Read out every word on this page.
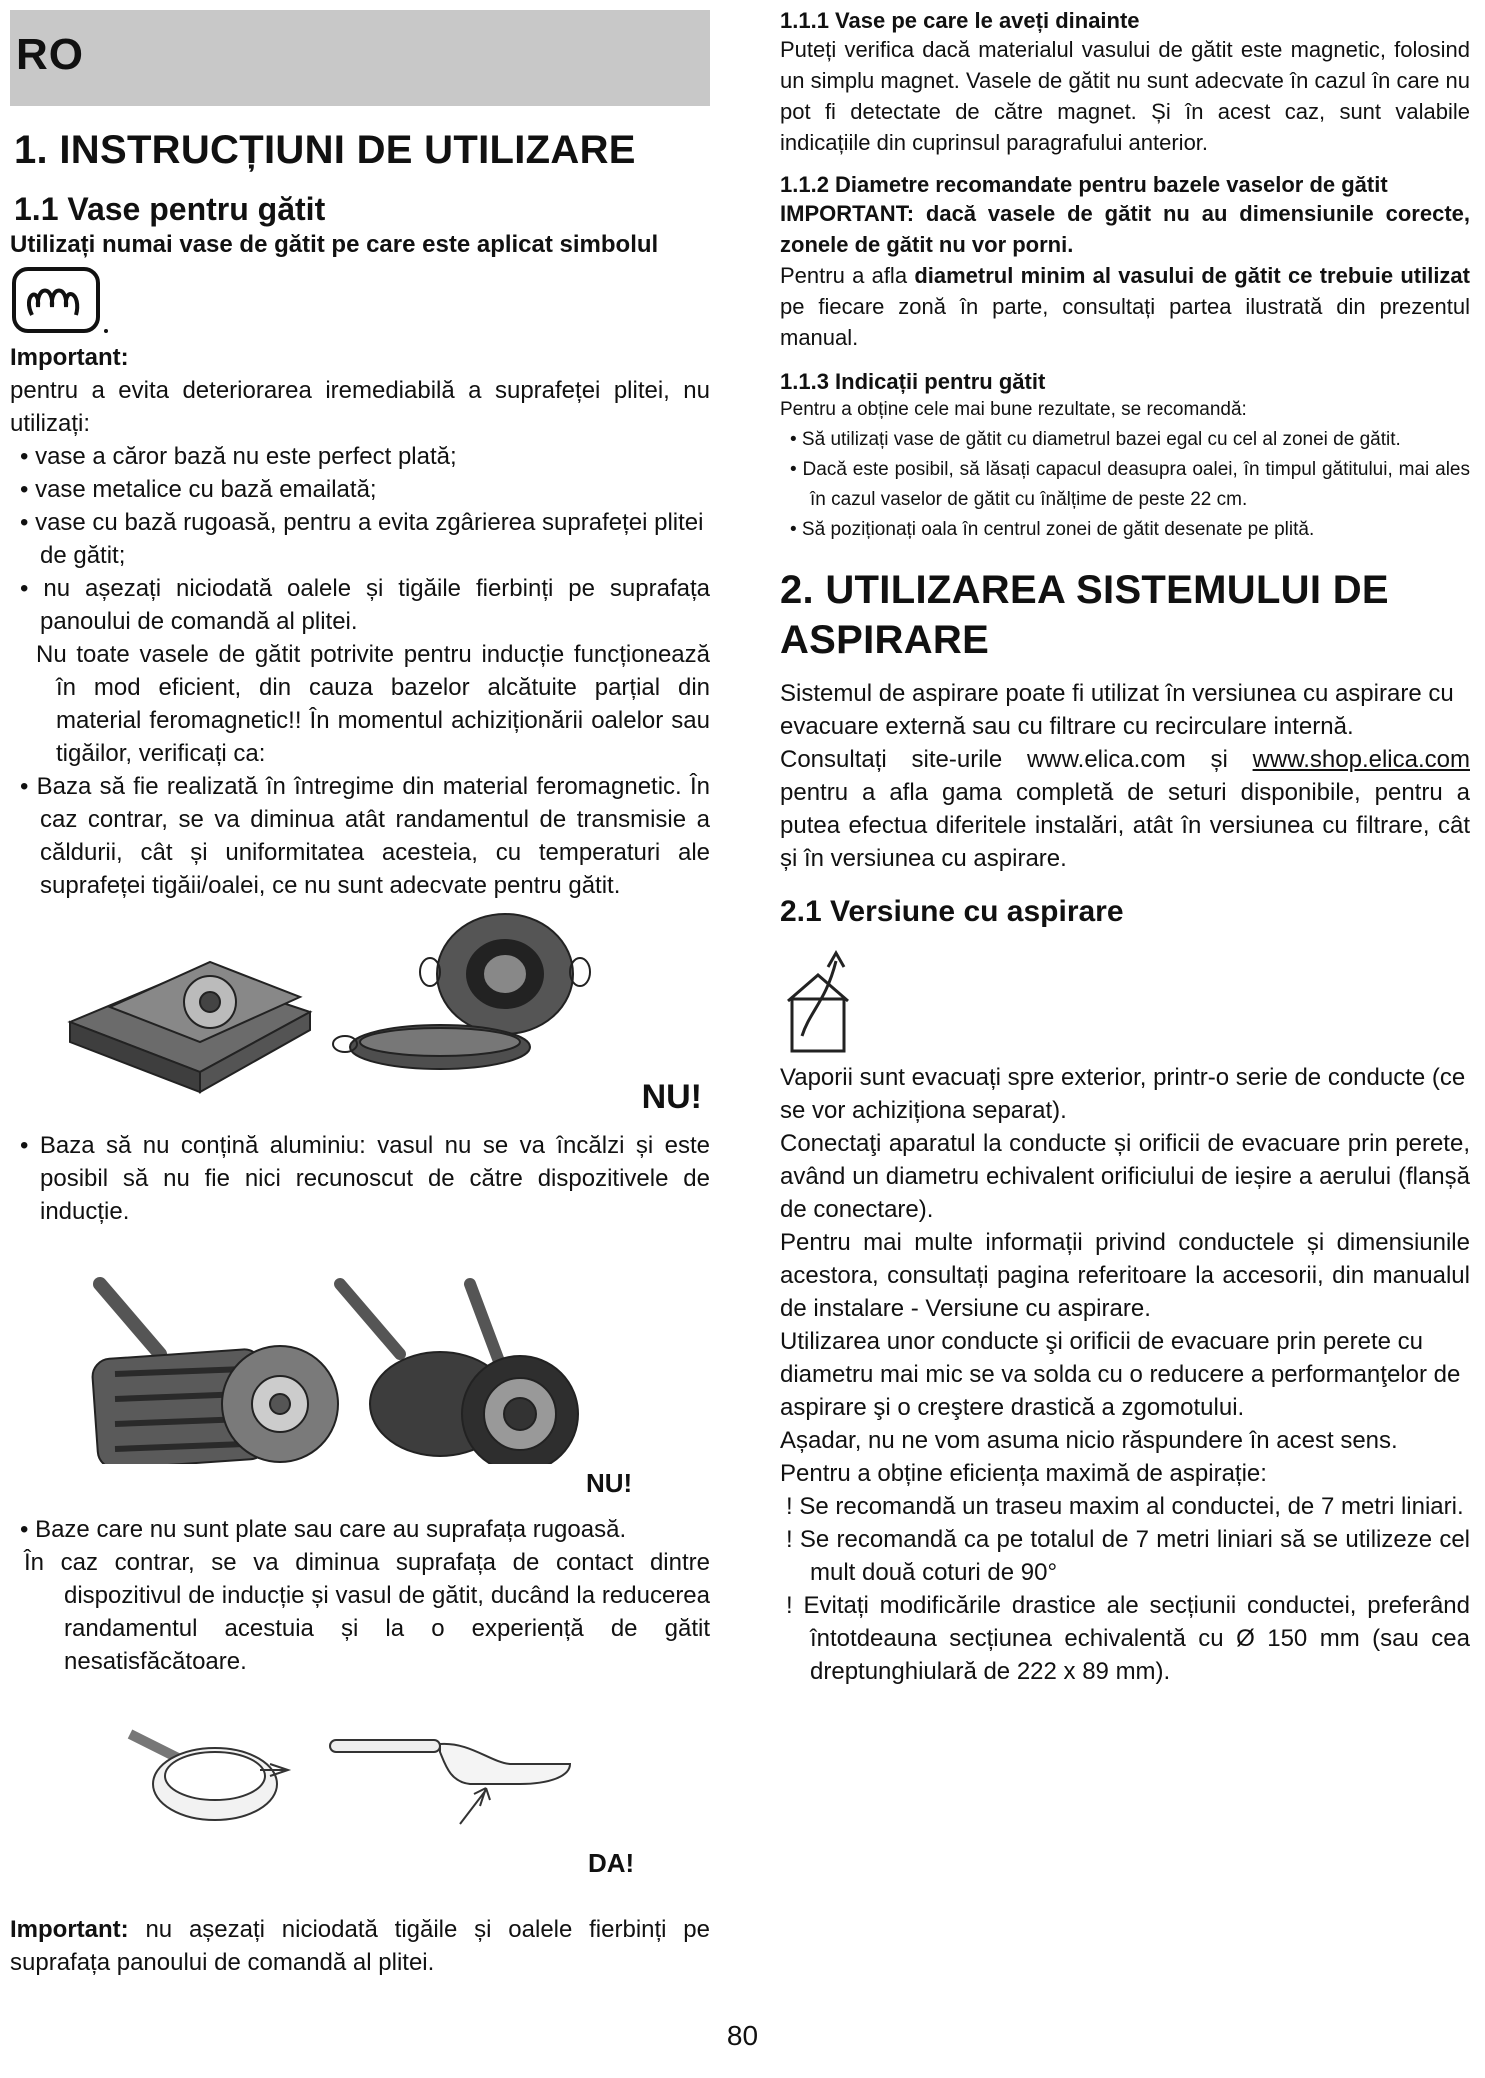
RO
1. INSTRUCȚIUNI DE UTILIZARE
1.1 Vase pentru gătit

Utilizați numai vase de gătit pe care este aplicat simbolul

Important:

pentru a evita deteriorarea iremediabilă a suprafeței plitei, nu utilizați:

• vase a căror bază nu este perfect plată;

• vase metalice cu bază emailată;

• vase cu bază rugoasă, pentru a evita zgârierea suprafeței plitei de gătit;

• nu așezați niciodată oalele și tigăile fierbinți pe suprafața panoului de comandă al plitei.

Nu toate vasele de gătit potrivite pentru inducție funcționează în mod eficient, din cauza bazelor alcătuite parțial din material feromagnetic!! În momentul achiziționării oalelor sau tigăilor, verificați ca:

• Baza să fie realizată în întregime din material feromagnetic. În caz contrar, se va diminua atât randamentul de transmisie a căldurii, cât și uniformitatea acesteia, cu temperaturi ale suprafeței tigăii/oalei, ce nu sunt adecvate pentru gătit.

NU!

• Baza să nu conțină aluminiu: vasul nu se va încălzi și este posibil să nu fie nici recunoscut de către dispozitivele de inducție.

NU!

• Baze care nu sunt plate sau care au suprafața rugoasă.

În caz contrar, se va diminua suprafața de contact dintre dispozitivul de inducție și vasul de gătit, ducând la reducerea randamentul acestuia și la o experiență de gătit nesatisfăcătoare.

DA!

Important: nu așezați niciodată tigăile și oalele fierbinți pe suprafața panoului de comandă al plitei.

1.1.1 Vase pe care le aveți dinainte

Puteți verifica dacă materialul vasului de gătit este magnetic, folosind un simplu magnet. Vasele de gătit nu sunt adecvate în cazul în care nu pot fi detectate de către magnet. Și în acest caz, sunt valabile indicațiile din cuprinsul paragrafului anterior.

1.1.2 Diametre recomandate pentru bazele vaselor de gătit

IMPORTANT: dacă vasele de gătit nu au dimensiunile corecte, zonele de gătit nu vor porni.

Pentru a afla diametrul minim al vasului de gătit ce trebuie utilizat pe fiecare zonă în parte, consultați partea ilustrată din prezentul manual.

1.1.3 Indicații pentru gătit

Pentru a obține cele mai bune rezultate, se recomandă:

• Să utilizați vase de gătit cu diametrul bazei egal cu cel al zonei de gătit.

• Dacă este posibil, să lăsați capacul deasupra oalei, în timpul gătitului, mai ales în cazul vaselor de gătit cu înălțime de peste 22 cm.

• Să poziționați oala în centrul zonei de gătit desenate pe plită.

2. UTILIZAREA SISTEMULUI DE ASPIRARE

Sistemul de aspirare poate fi utilizat în versiunea cu aspirare cu evacuare externă sau cu filtrare cu recirculare internă.

Consultați site-urile www.elica.com și www.shop.elica.com pentru a afla gama completă de seturi disponibile, pentru a putea efectua diferitele instalări, atât în versiunea cu filtrare, cât și în versiunea cu aspirare.

2.1 Versiune cu aspirare

Vaporii sunt evacuați spre exterior, printr-o serie de conducte (ce se vor achiziționa separat).

Conectaţi aparatul la conducte și orificii de evacuare prin perete, având un diametru echivalent orificiului de ieșire a aerului (flanșă de conectare).

Pentru mai multe informații privind conductele și dimensiunile acestora, consultați pagina referitoare la accesorii, din manualul de instalare - Versiune cu aspirare.

Utilizarea unor conducte şi orificii de evacuare prin perete cu diametru mai mic se va solda cu o reducere a performanţelor de aspirare şi o creştere drastică a zgomotului.

Așadar, nu ne vom asuma nicio răspundere în acest sens.

Pentru a obține eficiența maximă de aspirație:

! Se recomandă un traseu maxim al conductei, de 7 metri liniari.

! Se recomandă ca pe totalul de 7 metri liniari să se utilizeze cel mult două coturi de 90°

! Evitați modificările drastice ale secțiunii conductei, preferând întotdeauna secțiunea echivalentă cu Ø 150 mm (sau cea dreptunghiulară de 222 x 89 mm).

80
